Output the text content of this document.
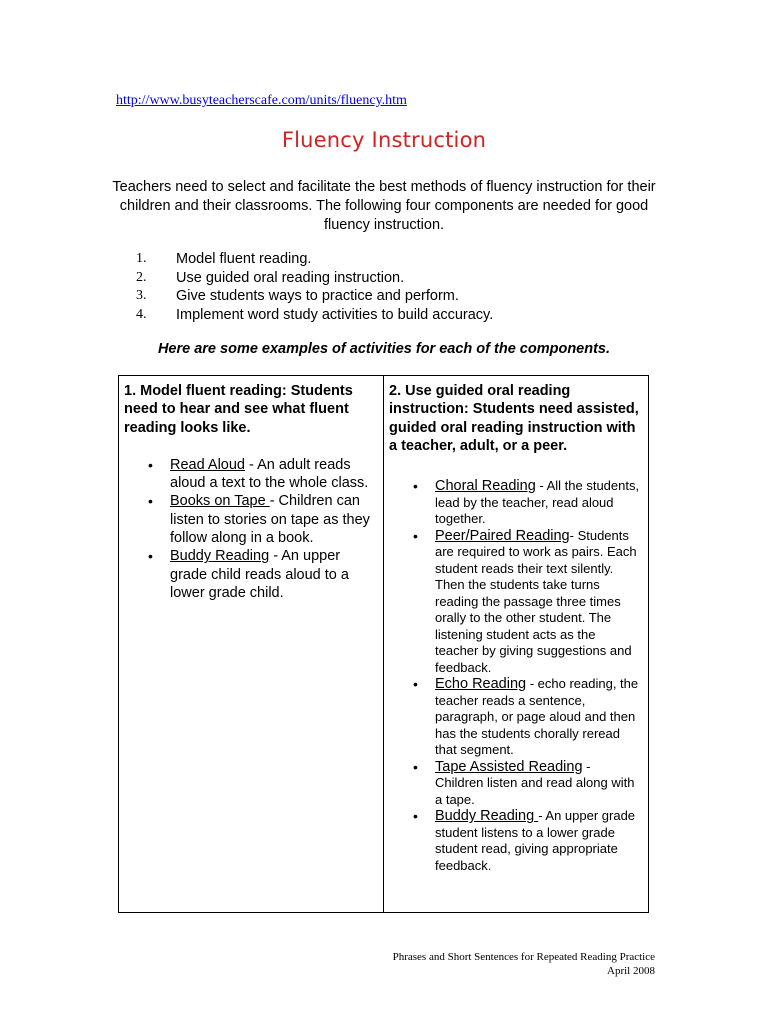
http://www.busyteacherscafe.com/units/fluency.htm
Fluency Instruction
Teachers need to select and facilitate the best methods of fluency instruction for their children and their classrooms. The following four components are needed for good fluency instruction.
1.	Model fluent reading.
2.	Use guided oral reading instruction.
3.	Give students ways to practice and perform.
4.	Implement word study activities to build accuracy.
Here are some examples of activities for each of the components.
1. Model fluent reading: Students need to hear and see what fluent reading looks like.
• Read Aloud - An adult reads aloud a text to the whole class.
• Books on Tape - Children can listen to stories on tape as they follow along in a book.
• Buddy Reading - An upper grade child reads aloud to a lower grade child.
2. Use guided oral reading instruction: Students need assisted, guided oral reading instruction with a teacher, adult, or a peer.
• Choral Reading - All the students, lead by the teacher, read aloud together.
• Peer/Paired Reading- Students are required to work as pairs. Each student reads their text silently. Then the students take turns reading the passage three times orally to the other student. The listening student acts as the teacher by giving suggestions and feedback.
• Echo Reading - echo reading, the teacher reads a sentence, paragraph, or page aloud and then has the students chorally reread that segment.
• Tape Assisted Reading - Children listen and read along with a tape.
• Buddy Reading - An upper grade student listens to a lower grade student read, giving appropriate feedback.
Phrases and Short Sentences for Repeated Reading Practice
April 2008
